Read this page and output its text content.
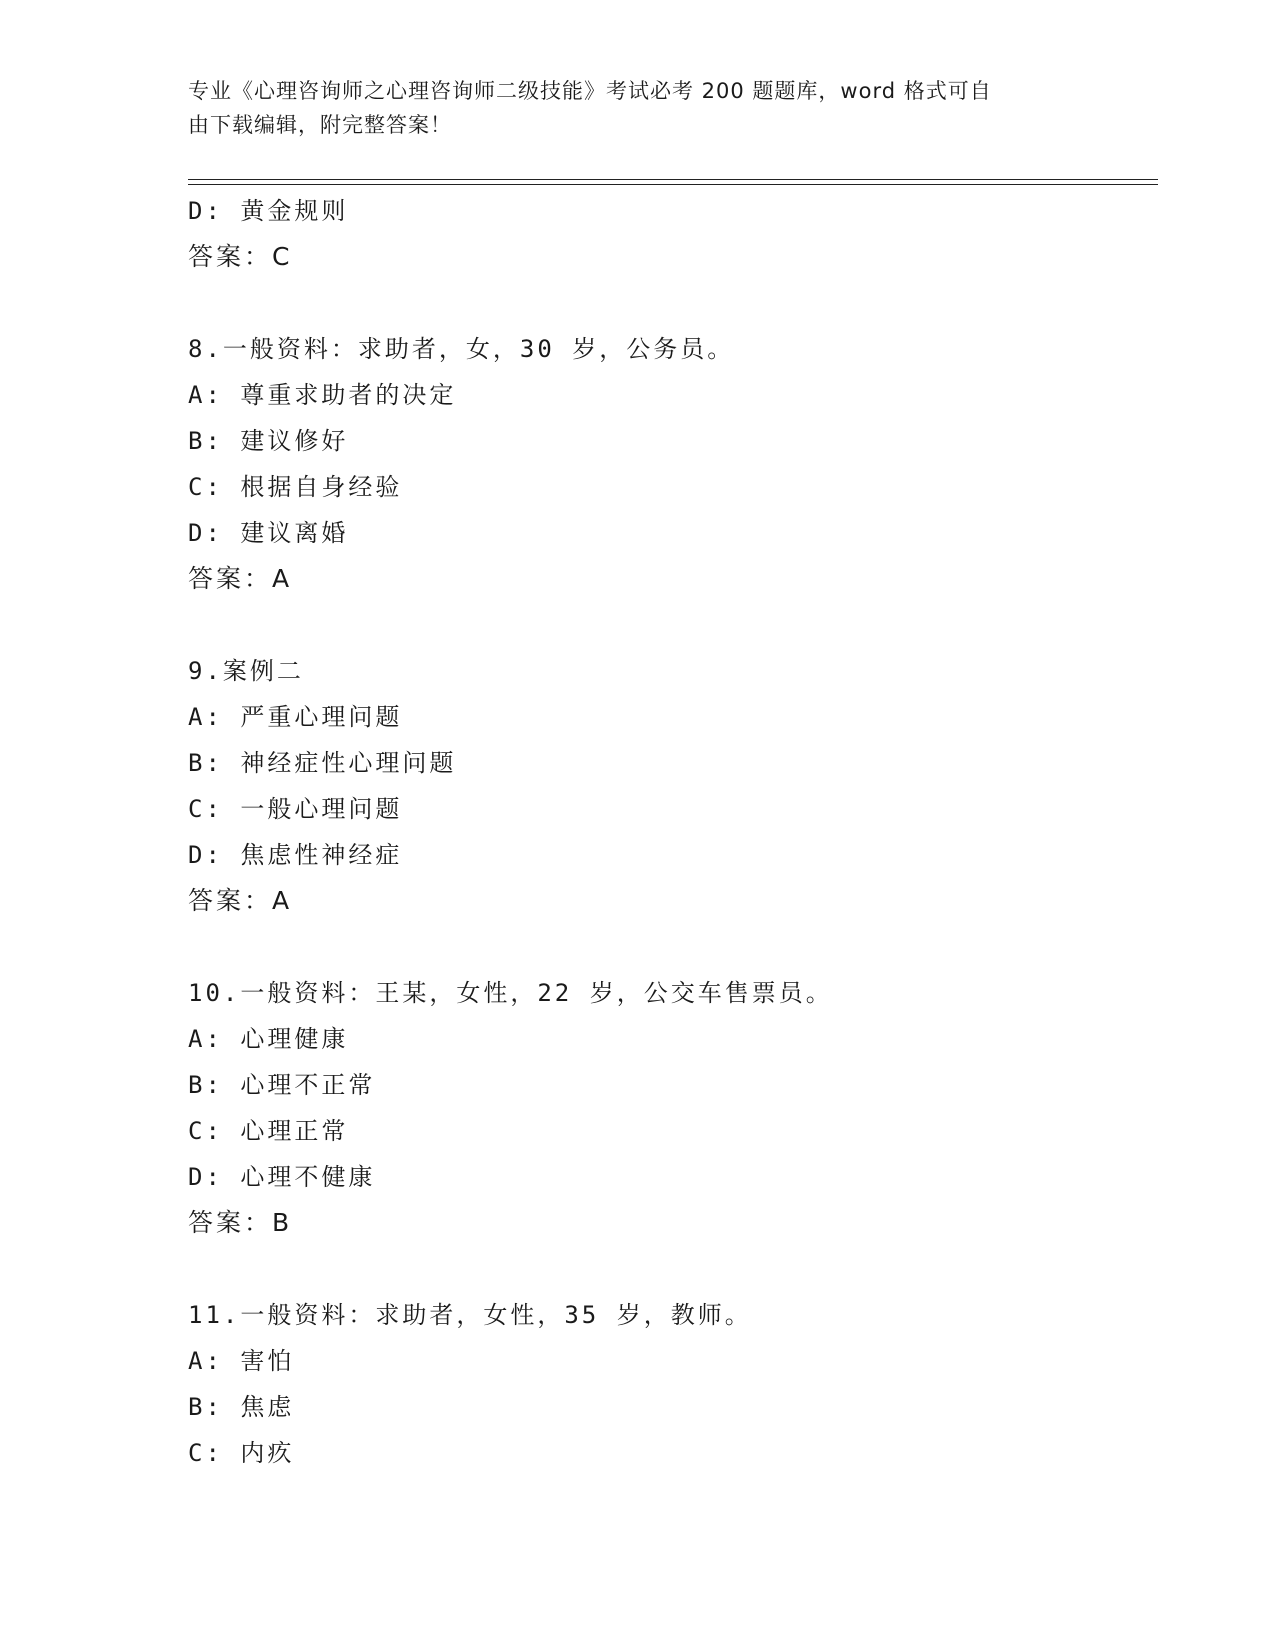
专业《心理咨询师之心理咨询师二级技能》考试必考 200 题题库，word 格式可自
由下载编辑，附完整答案！
D: 黄金规则
答案：C
8.一般资料：求助者，女，30 岁，公务员。
A: 尊重求助者的决定
B: 建议修好
C: 根据自身经验
D: 建议离婚
答案：A
9.案例二
A: 严重心理问题
B: 神经症性心理问题
C: 一般心理问题
D: 焦虑性神经症
答案：A
10.一般资料：王某，女性，22 岁，公交车售票员。
A: 心理健康
B: 心理不正常
C: 心理正常
D: 心理不健康
答案：B
11.一般资料：求助者，女性，35 岁，教师。
A: 害怕
B: 焦虑
C: 内疚
